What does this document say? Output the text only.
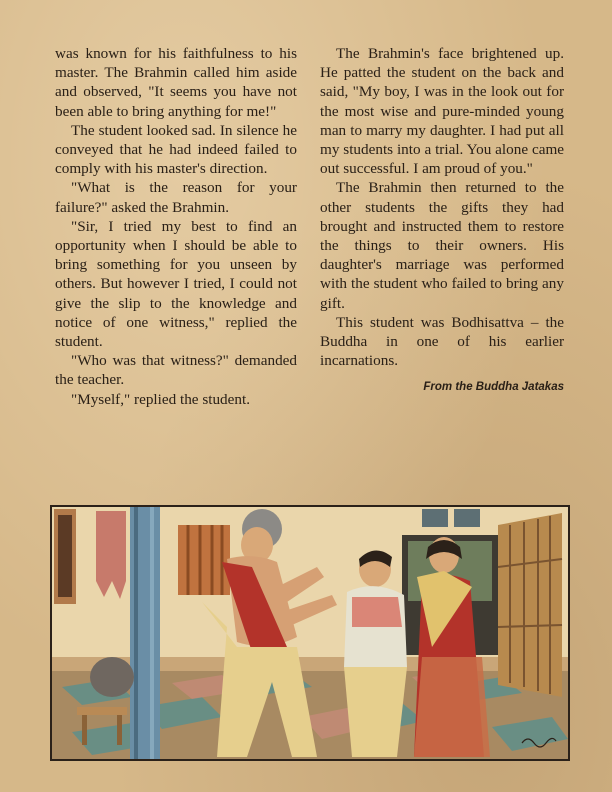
was known for his faithfulness to his master. The Brahmin called him aside and observed, "It seems you have not been able to bring anything for me!"

The student looked sad. In silence he conveyed that he had indeed failed to comply with his master's direction.

"What is the reason for your failure?" asked the Brahmin.

"Sir, I tried my best to find an opportunity when I should be able to bring something for you unseen by others. But however I tried, I could not give the slip to the knowledge and notice of one witness," replied the student.

"Who was that witness?" demanded the teacher.

"Myself," replied the student.

The Brahmin's face brightened up. He patted the student on the back and said, "My boy, I was in the look out for the most wise and pure-minded young man to marry my daughter. I had put all my students into a trial. You alone came out successful. I am proud of you."

The Brahmin then returned to the other students the gifts they had brought and instructed them to restore the things to their owners. His daughter's marriage was performed with the student who failed to bring any gift.

This student was Bodhisattva – the Buddha in one of his earlier incarnations.

From the Buddha Jatakas
